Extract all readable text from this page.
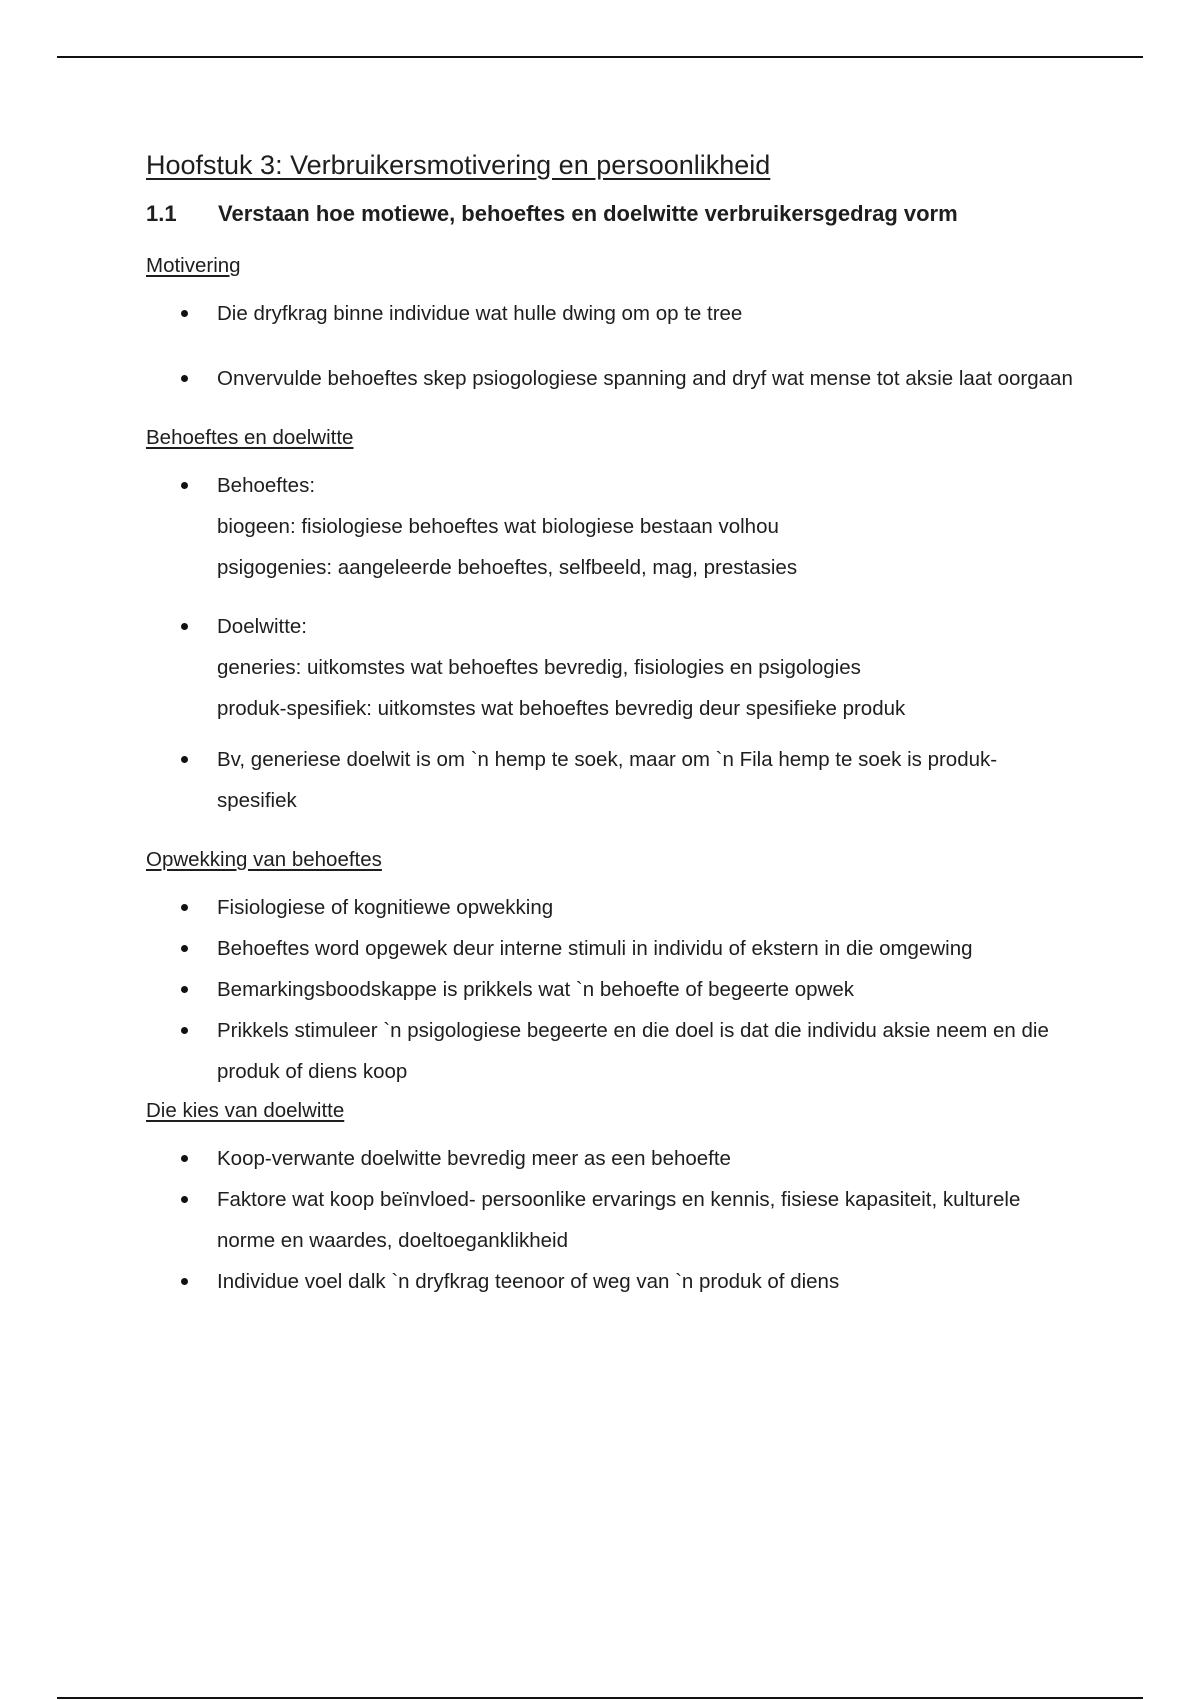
Hoofstuk 3: Verbruikersmotivering en persoonlikheid
1.1	Verstaan hoe motiewe, behoeftes en doelwitte verbruikersgedrag vorm
Motivering
Die dryfkrag binne individue wat hulle dwing om op te tree
Onvervulde behoeftes skep psiogologiese spanning and dryf wat mense tot aksie laat oorgaan
Behoeftes en doelwitte
Behoeftes:
biogeen: fisiologiese behoeftes wat biologiese bestaan volhou
psigogenies: aangeleerde behoeftes, selfbeeld, mag, prestasies
Doelwitte:
generies: uitkomstes wat behoeftes bevredig, fisiologies en psigologies
produk-spesifiek: uitkomstes wat behoeftes bevredig deur spesifieke produk
Bv, generiese doelwit is om `n hemp te soek, maar om `n Fila hemp te soek is produk-spesifiek
Opwekking van behoeftes
Fisiologiese of kognitiewe opwekking
Behoeftes word opgewek deur interne stimuli in individu of ekstern in die omgewing
Bemarkingsboodskappe is prikkels wat `n behoefte of begeerte opwek
Prikkels stimuleer `n psigologiese begeerte en die doel is dat die individu aksie neem en die produk of diens koop
Die kies van doelwitte
Koop-verwante doelwitte bevredig meer as een behoefte
Faktore wat koop beïnvloed- persoonlike ervarings en kennis, fisiese kapasiteit, kulturele norme en waardes, doeltoeganklikheid
Individue voel dalk `n dryfkrag teenoor of weg van `n produk of diens
